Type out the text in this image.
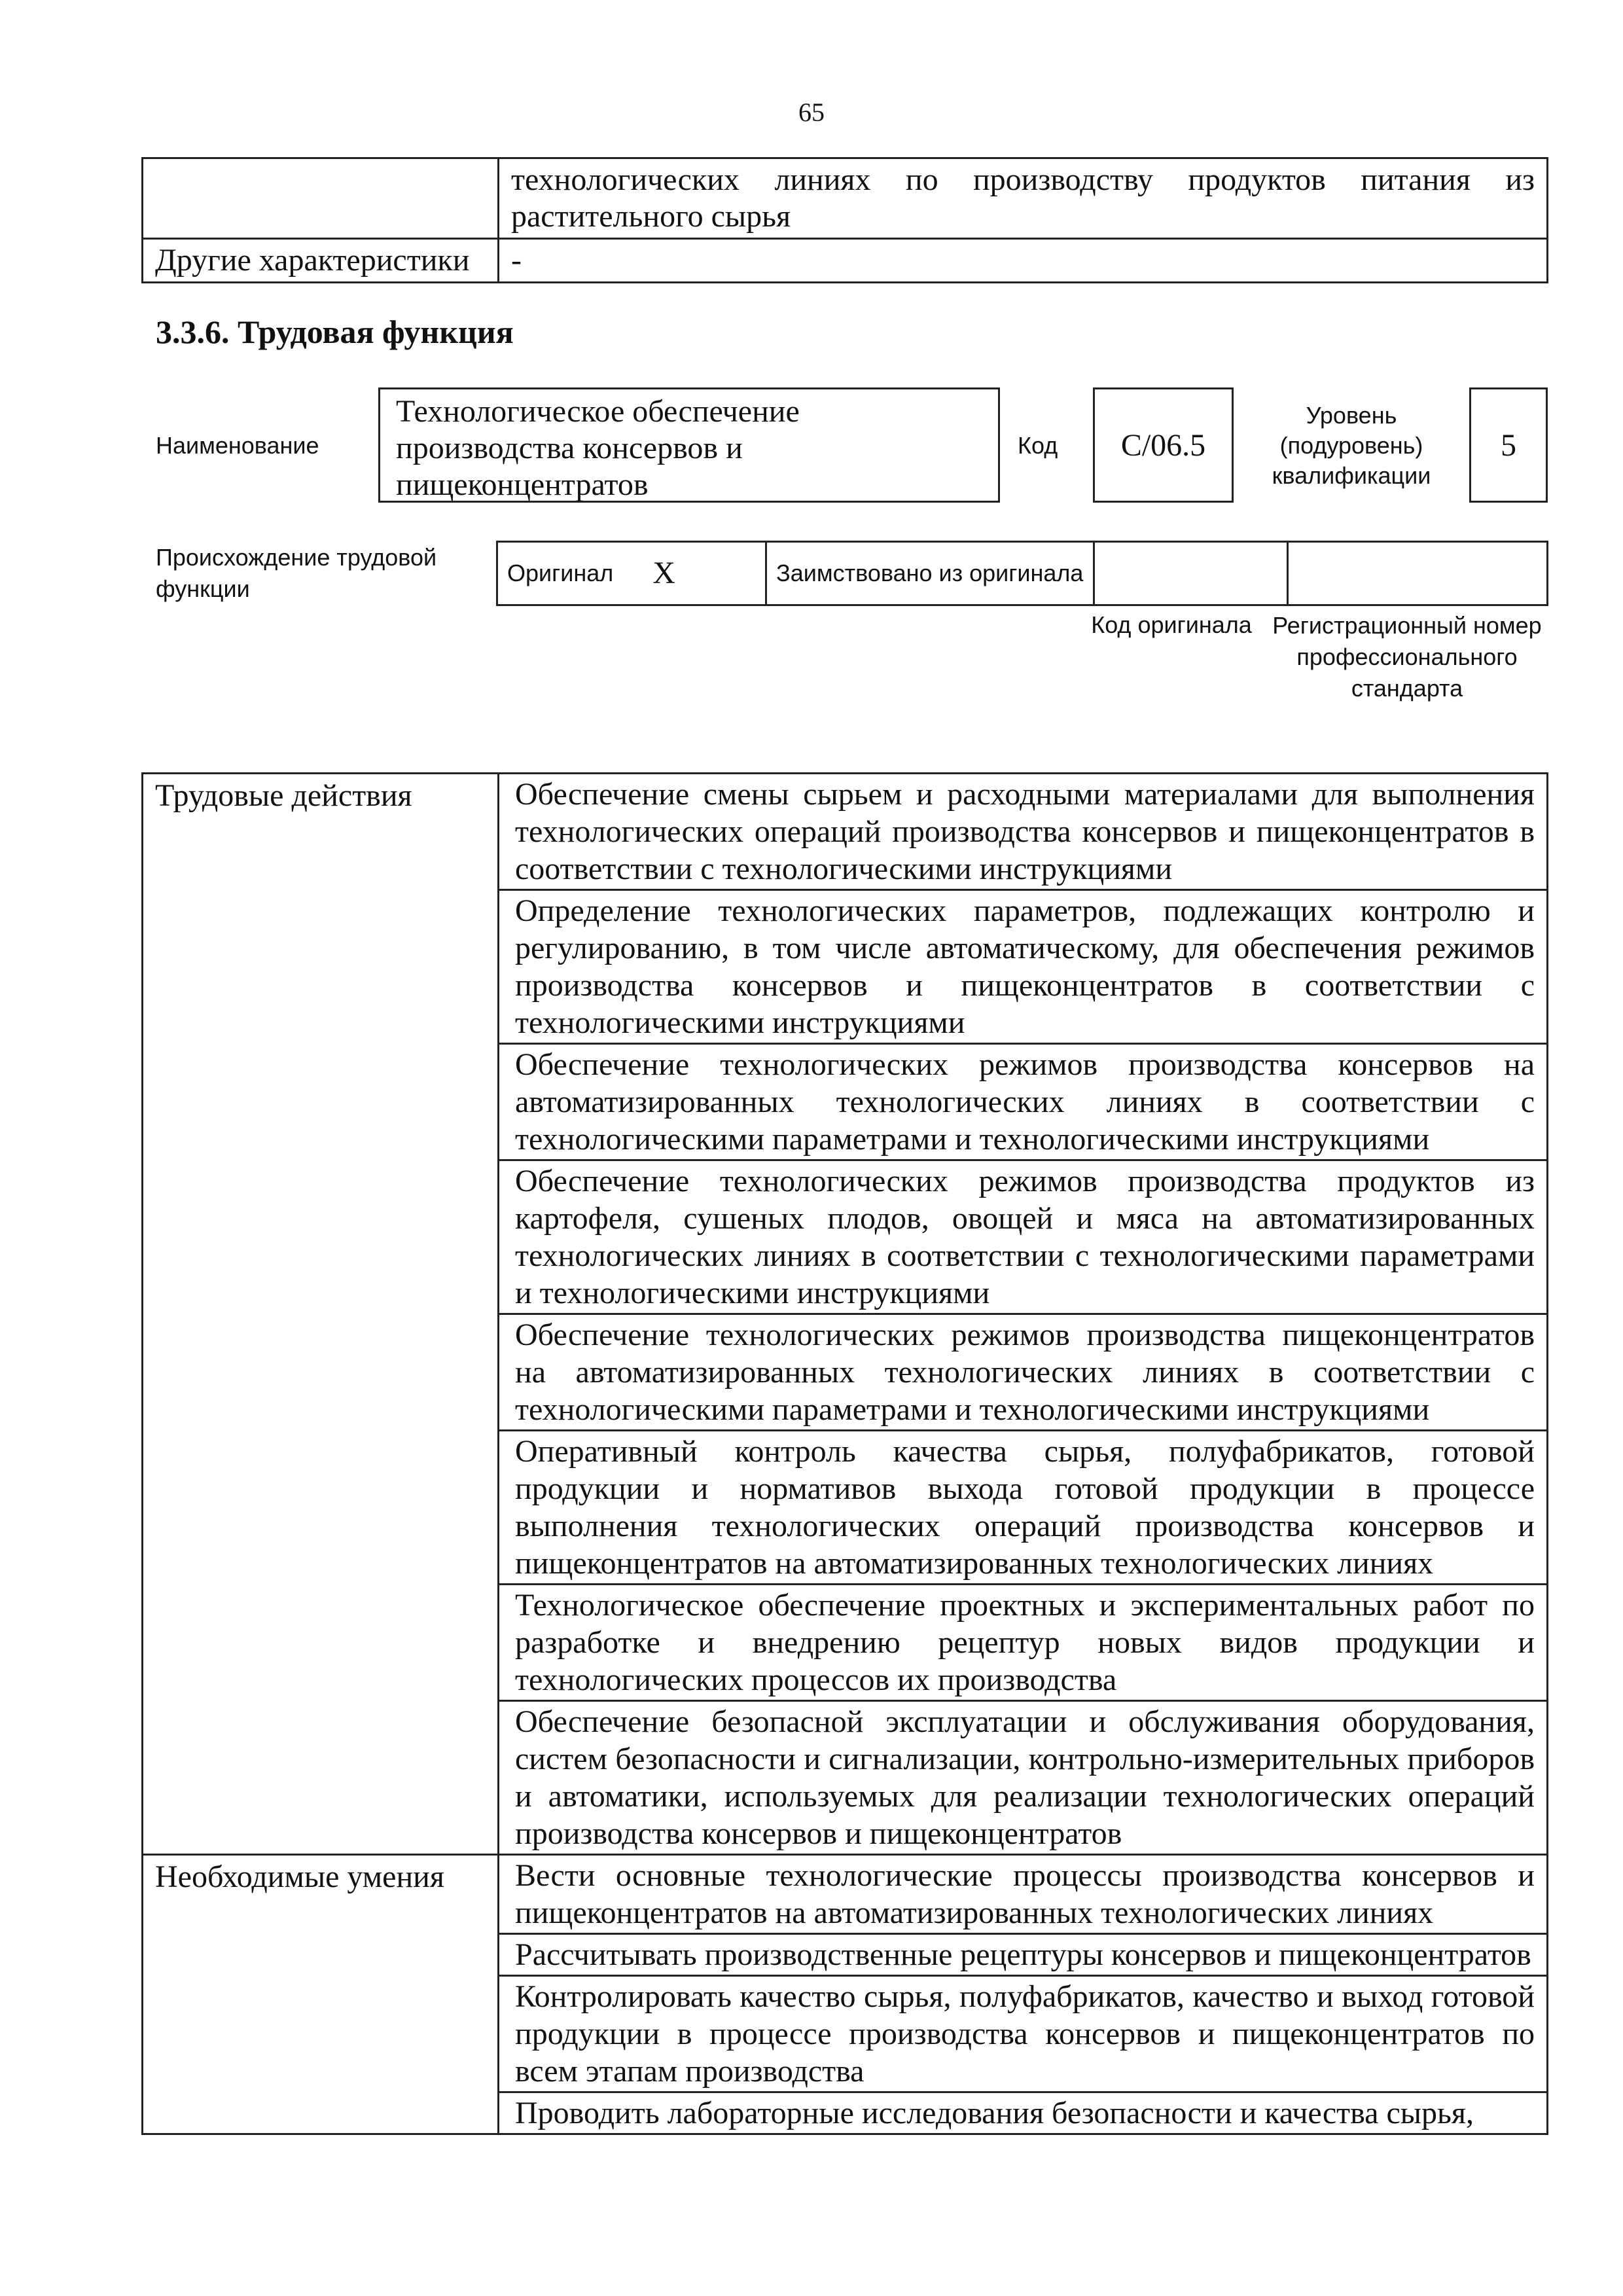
65
	технологических линиях по производству продуктов питания из растительного сырья
Другие характеристики	-
3.3.6. Трудовая функция
Наименование
Технологическое обеспечение производства консервов и пищеконцентратов
Код	C/06.5
Уровень (подуровень) квалификации
5
Происхождение трудовой функции
Оригинал X	Заимствовано из оригинала		
Код оригинала Регистрационный номер профессионального стандарта
Трудовые действия	Обеспечение смены сырьем и расходными материалами для выполнения технологических операций производства консервов и пищеконцентратов в соответствии с технологическими инструкциями
	Определение технологических параметров, подлежащих контролю и регулированию, в том числе автоматическому, для обеспечения режимов производства консервов и пищеконцентратов в соответствии с технологическими инструкциями
	Обеспечение технологических режимов производства консервов на автоматизированных технологических линиях в соответствии с технологическими параметрами и технологическими инструкциями
	Обеспечение технологических режимов производства продуктов из картофеля, сушеных плодов, овощей и мяса на автоматизированных технологических линиях в соответствии с технологическими параметрами и технологическими инструкциями
	Обеспечение технологических режимов производства пищеконцентратов на автоматизированных технологических линиях в соответствии с технологическими параметрами и технологическими инструкциями
	Оперативный контроль качества сырья, полуфабрикатов, готовой продукции и нормативов выхода готовой продукции в процессе выполнения технологических операций производства консервов и пищеконцентратов на автоматизированных технологических линиях
	Технологическое обеспечение проектных и экспериментальных работ по разработке и внедрению рецептур новых видов продукции и технологических процессов их производства
	Обеспечение безопасной эксплуатации и обслуживания оборудования, систем безопасности и сигнализации, контрольно-измерительных приборов и автоматики, используемых для реализации технологических операций производства консервов и пищеконцентратов
Необходимые умения	Вести основные технологические процессы производства консервов и пищеконцентратов на автоматизированных технологических линиях
	Рассчитывать производственные рецептуры консервов и пищеконцентратов
	Контролировать качество сырья, полуфабрикатов, качество и выход готовой продукции в процессе производства консервов и пищеконцентратов по всем этапам производства
	Проводить лабораторные исследования безопасности и качества сырья,
